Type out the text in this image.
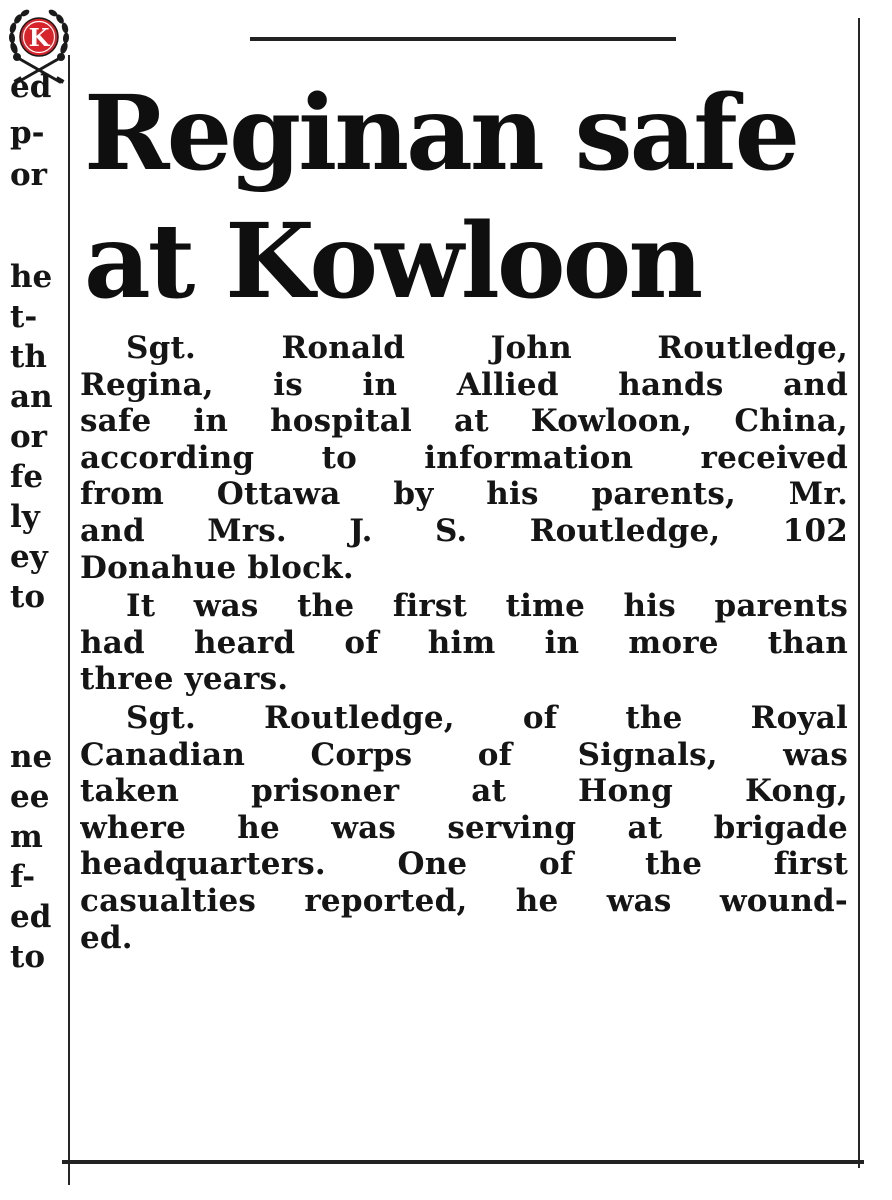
K
ed
p-
or
he
t-
th
an
or
fe
ly
ey
to
ne
ee
m
f-
ed
to
Reginan safe
at Kowloon
Sgt. Ronald John Routledge,
Regina, is in Allied hands and
safe in hospital at Kowloon, China,
according to information received
from Ottawa by his parents, Mr.
and Mrs. J. S. Routledge, 102
Donahue block.
It was the first time his parents
had heard of him in more than
three years.
Sgt. Routledge, of the Royal
Canadian Corps of Signals, was
taken prisoner at Hong Kong,
where he was serving at brigade
headquarters. One of the first
casualties reported, he was wound-
ed.
